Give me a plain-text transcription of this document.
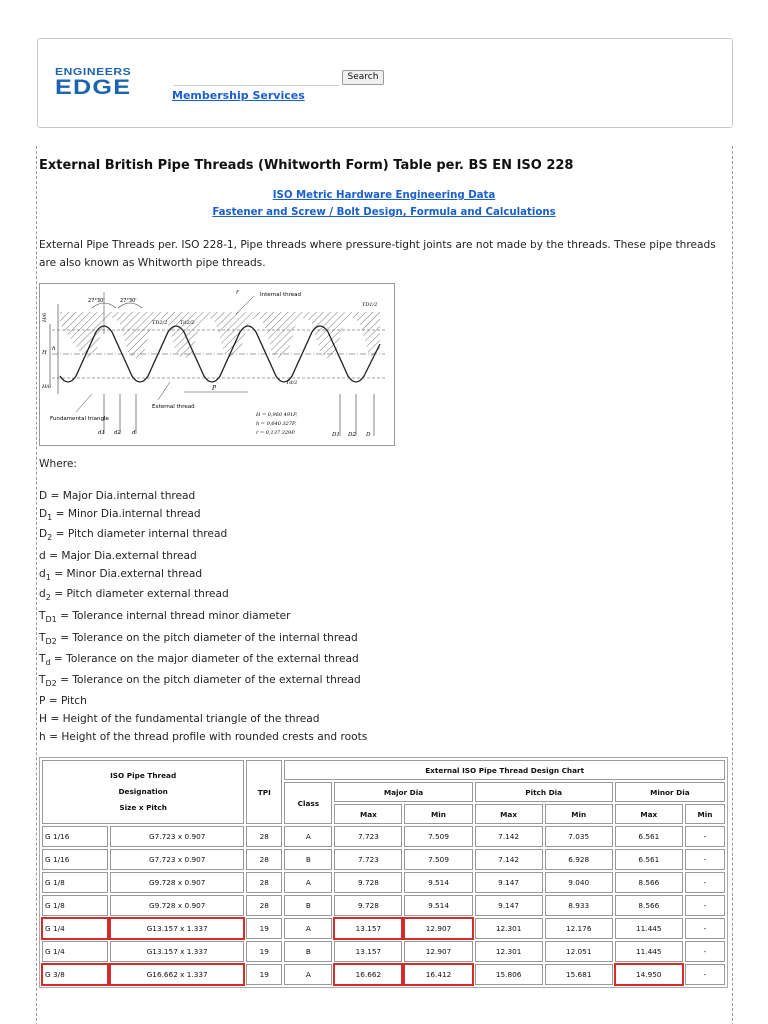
ENGINEERS
EDGE	Search
Membership Services
External British Pipe Threads (Whitworth Form) Table per. BS EN ISO 228
ISO Metric Hardware Engineering Data
Fastener and Screw / Bolt Design, Formula and Calculations

External Pipe Threads per. ISO 228-1, Pipe threads where pressure-tight joints are not made by the threads. These pipe threads are also known as Whitworth pipe threads.

Internal thread
External thread
Fundamental triangle
27°30'	27°30'
P
r
H/6
H
h
H/6
TD2/2	Td2/2
TD1/2
Td/2
d1 d2 d	D1 D2 D
H = 0,960 491P,
h = 0,640 327P,
r = 0,137 329P.
Where:
D = Major Dia.internal thread
$D_1$ = Minor Dia.internal thread
$D_2$ = Pitch diameter internal thread
d = Major Dia.external thread
$d_1$ = Minor Dia.external thread
$d_2$ = Pitch diameter external thread
$T_{D1}$ = Tolerance internal thread minor diameter
$T_{D2}$ = Tolerance on the pitch diameter of the internal thread
$T_d$ = Tolerance on the major diameter of the external thread
$T_{D2}$ = Tolerance on the pitch diameter of the external thread
P = Pitch
H = Height of the fundamental triangle of the thread
h = Height of the thread profile with rounded crests and roots
ISO Pipe Thread
Designation
Size x Pitch		TPI	External ISO Pipe Thread Design Chart						
			Class	Major Dia		Pitch Dia		Minor Dia	
				Max	Min	Max	Min	Max	Min
G 1/16	G7.723 x 0.907	28	A	7.723	7.509	7.142	7.035	6.561	-
G 1/16	G7.723 x 0.907	28	B	7.723	7.509	7.142	6.928	6.561	-
G 1/8	G9.728 x 0.907	28	A	9.728	9.514	9.147	9.040	8.566	-
G 1/8	G9.728 x 0.907	28	B	9.728	9.514	9.147	8.933	8.566	-
G 1/4	G13.157 x 1.337	19	A	13.157	12.907	12.301	12.176	11.445	-
G 1/4	G13.157 x 1.337	19	B	13.157	12.907	12.301	12.051	11.445	-
G 3/8	G16.662 x 1.337	19	A	16.662	16.412	15.806	15.681	14.950	-
